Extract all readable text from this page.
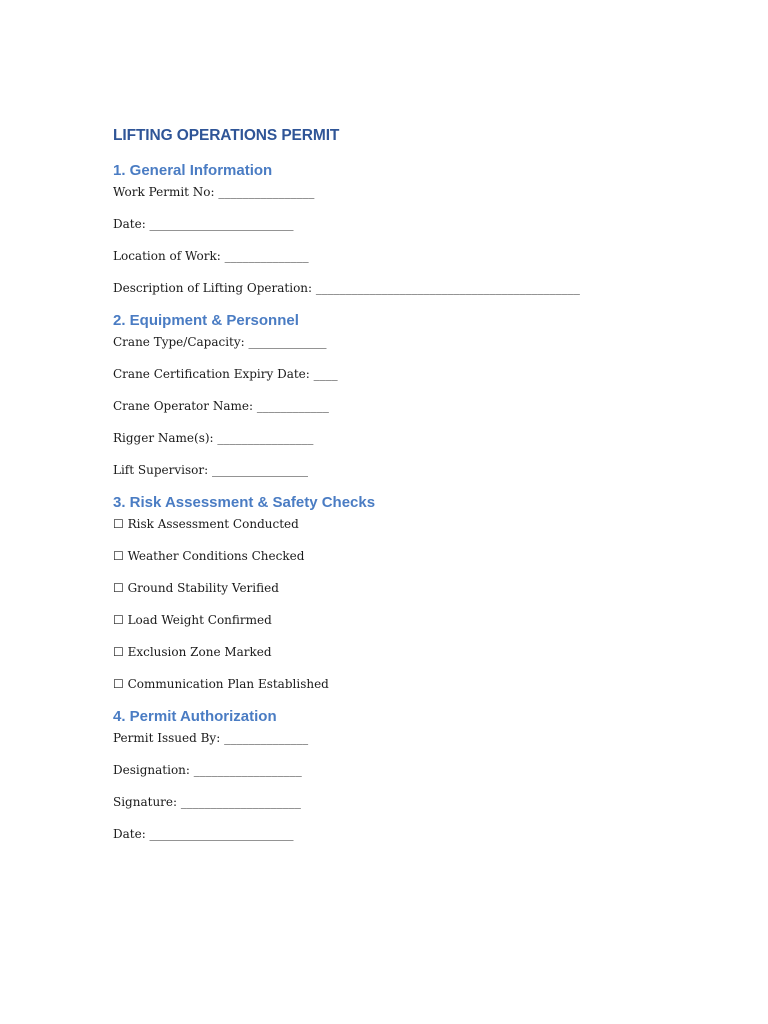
LIFTING OPERATIONS PERMIT
1. General Information

Work Permit No: ________________

Date: ________________________

Location of Work: ______________

Description of Lifting Operation: ____________________________________________

2. Equipment & Personnel

Crane Type/Capacity: _____________

Crane Certification Expiry Date: ____

Crane Operator Name: ____________

Rigger Name(s): ________________

Lift Supervisor: ________________

3. Risk Assessment & Safety Checks

☐ Risk Assessment Conducted

☐ Weather Conditions Checked

☐ Ground Stability Verified

☐ Load Weight Confirmed

☐ Exclusion Zone Marked

☐ Communication Plan Established

4. Permit Authorization

Permit Issued By: ______________

Designation: __________________

Signature: ____________________

Date: ________________________
